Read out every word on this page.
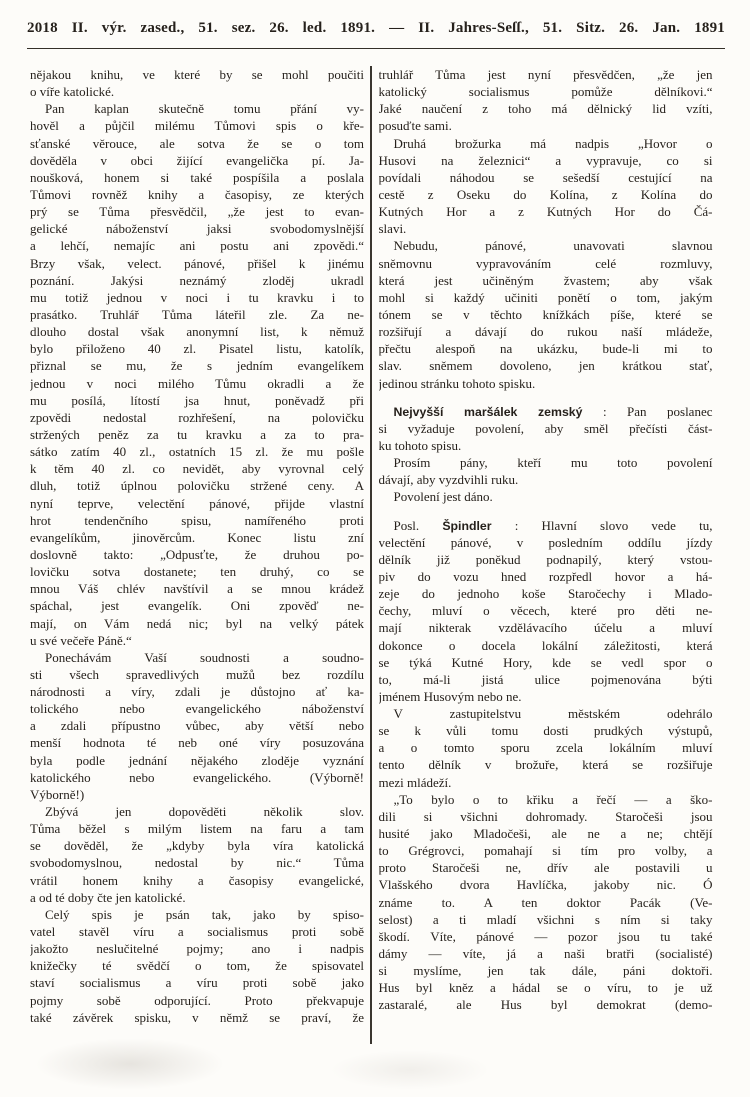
2018 II. výr. zased., 51. sez. 26. led. 1891. — II. Jahres-Seſſ., 51. Sitz. 26. Jan. 1891
nějakou knihu, ve které by se mohl poučiti
o víře katolické.
Pan kaplan skutečně tomu přání vy-
hověl a půjčil milému Tůmovi spis o kře-
sťanské věrouce, ale sotva že se o tom
dověděla v obci žijící evangelička pí. Ja-
noušková, honem si také pospíšila a poslala
Tůmovi rovněž knihy a časopisy, ze kterých
prý se Tůma přesvědčil, „že jest to evan-
gelické náboženství jaksi svobodomyslnější
a lehčí, nemajíc ani postu ani zpovědi.“
Brzy však, velect. pánové, přišel k jinému
poznání. Jakýsi neznámý zloděj ukradl
mu totiž jednou v noci i tu kravku i to
prasátko. Truhlář Tůma láteřil zle. Za ne-
dlouho dostal však anonymní list, k němuž
bylo přiloženo 40 zl. Pisatel listu, katolík,
přiznal se mu, že s jedním evangelíkem
jednou v noci milého Tůmu okradli a že
mu posílá, lítostí jsa hnut, poněvadž při
zpovědi nedostal rozhřešení, na polovičku
stržených peněz za tu kravku a za to pra-
sátko zatím 40 zl., ostatních 15 zl. že mu pošle
k těm 40 zl. co nevidět, aby vyrovnal celý
dluh, totiž úplnou polovičku stržené ceny. A
nyní teprve, velectění pánové, přijde vlastní
hrot tendenčního spisu, namířeného proti
evangelíkům, jinověrcům. Konec listu zní
doslovně takto: „Odpusťte, že druhou po-
lovičku sotva dostanete; ten druhý, co se
mnou Váš chlév navštívil a se mnou krádež
spáchal, jest evangelík. Oni zpověď ne-
mají, on Vám nedá nic; byl na velký pátek
u své večeře Páně.“
Ponechávám Vaší soudnosti a soudno-
sti všech spravedlivých mužů bez rozdílu
národnosti a víry, zdali je důstojno ať ka-
tolického nebo evangelického náboženství
a zdali přípustno vůbec, aby větší nebo
menší hodnota té neb oné víry posuzována
byla podle jednání nějakého zloděje vyznání
katolického nebo evangelického. (Výborně!
Výborně!)
Zbývá jen dopověděti několik slov.
Tůma běžel s milým listem na faru a tam
se dověděl, že „kdyby byla víra katolická
svobodomyslnou, nedostal by nic.“ Tůma
vrátil honem knihy a časopisy evangelické,
a od té doby čte jen katolické.
Celý spis je psán tak, jako by spiso-
vatel stavěl víru a socialismus proti sobě
jakožto neslučitelné pojmy; ano i nadpis
knižečky té svědčí o tom, že spisovatel
staví socialismus a víru proti sobě jako
pojmy sobě odporující. Proto překvapuje
také závěrek spisku, v němž se praví, že
truhlář Tůma jest nyní přesvědčen, „že jen
katolický socialismus pomůže dělníkovi.“
Jaké naučení z toho má dělnický lid vzíti,
posuďte sami.
Druhá brožurka má nadpis „Hovor o
Husovi na železnici“ a vypravuje, co si
povídali náhodou se sešedší cestující na
cestě z Oseku do Kolína, z Kolína do
Kutných Hor a z Kutných Hor do Čá-
slavi.
Nebudu, pánové, unavovati slavnou
sněmovnu vypravováním celé rozmluvy,
která jest učiněným žvastem; aby však
mohl si každý učiniti ponětí o tom, jakým
tónem se v těchto knížkách píše, které se
rozšiřují a dávají do rukou naší mládeže,
přečtu alespoň na ukázku, bude-li mi to
slav. sněmem dovoleno, jen krátkou stať,
jedinou stránku tohoto spisku.
Nejvyšší maršálek zemský : Pan poslanec
si vyžaduje povolení, aby směl přečísti část-
ku tohoto spisu.
Prosím pány, kteří mu toto povolení
dávají, aby vyzdvihli ruku.
Povolení jest dáno.
Posl. Špindler : Hlavní slovo vede tu,
velectění pánové, v posledním oddílu jízdy
dělník již poněkud podnapilý, který vstou-
piv do vozu hned rozpředl hovor a há-
zeje do jednoho koše Staročechy i Mlado-
čechy, mluví o věcech, které pro děti ne-
mají nikterak vzdělávacího účelu a mluví
dokonce o docela lokální záležitosti, která
se týká Kutné Hory, kde se vedl spor o
to, má-li jistá ulice pojmenována býti
jménem Husovým nebo ne.
V zastupitelstvu městském odehrálo
se k vůli tomu dosti prudkých výstupů,
a o tomto sporu zcela lokálním mluví
tento dělník v brožuře, která se rozšiřuje
mezi mládeží.
„To bylo o to křiku a řečí — a ško-
dili si všichni dohromady. Staročeši jsou
husité jako Mladočeši, ale ne a ne; chtějí
to Grégrovci, pomahají si tím pro volby, a
proto Staročeši ne, dřív ale postavili u
Vlašského dvora Havlíčka, jakoby nic. Ó
známe to. A ten doktor Pacák (Ve-
selost) a ti mladí všichni s ním si taky
škodí. Víte, pánové — pozor jsou tu také
dámy — víte, já a naši bratři (socialisté)
si myslíme, jen tak dále, páni doktoři.
Hus byl kněz a hádal se o víru, to je už
zastaralé, ale Hus byl demokrat (demo-
